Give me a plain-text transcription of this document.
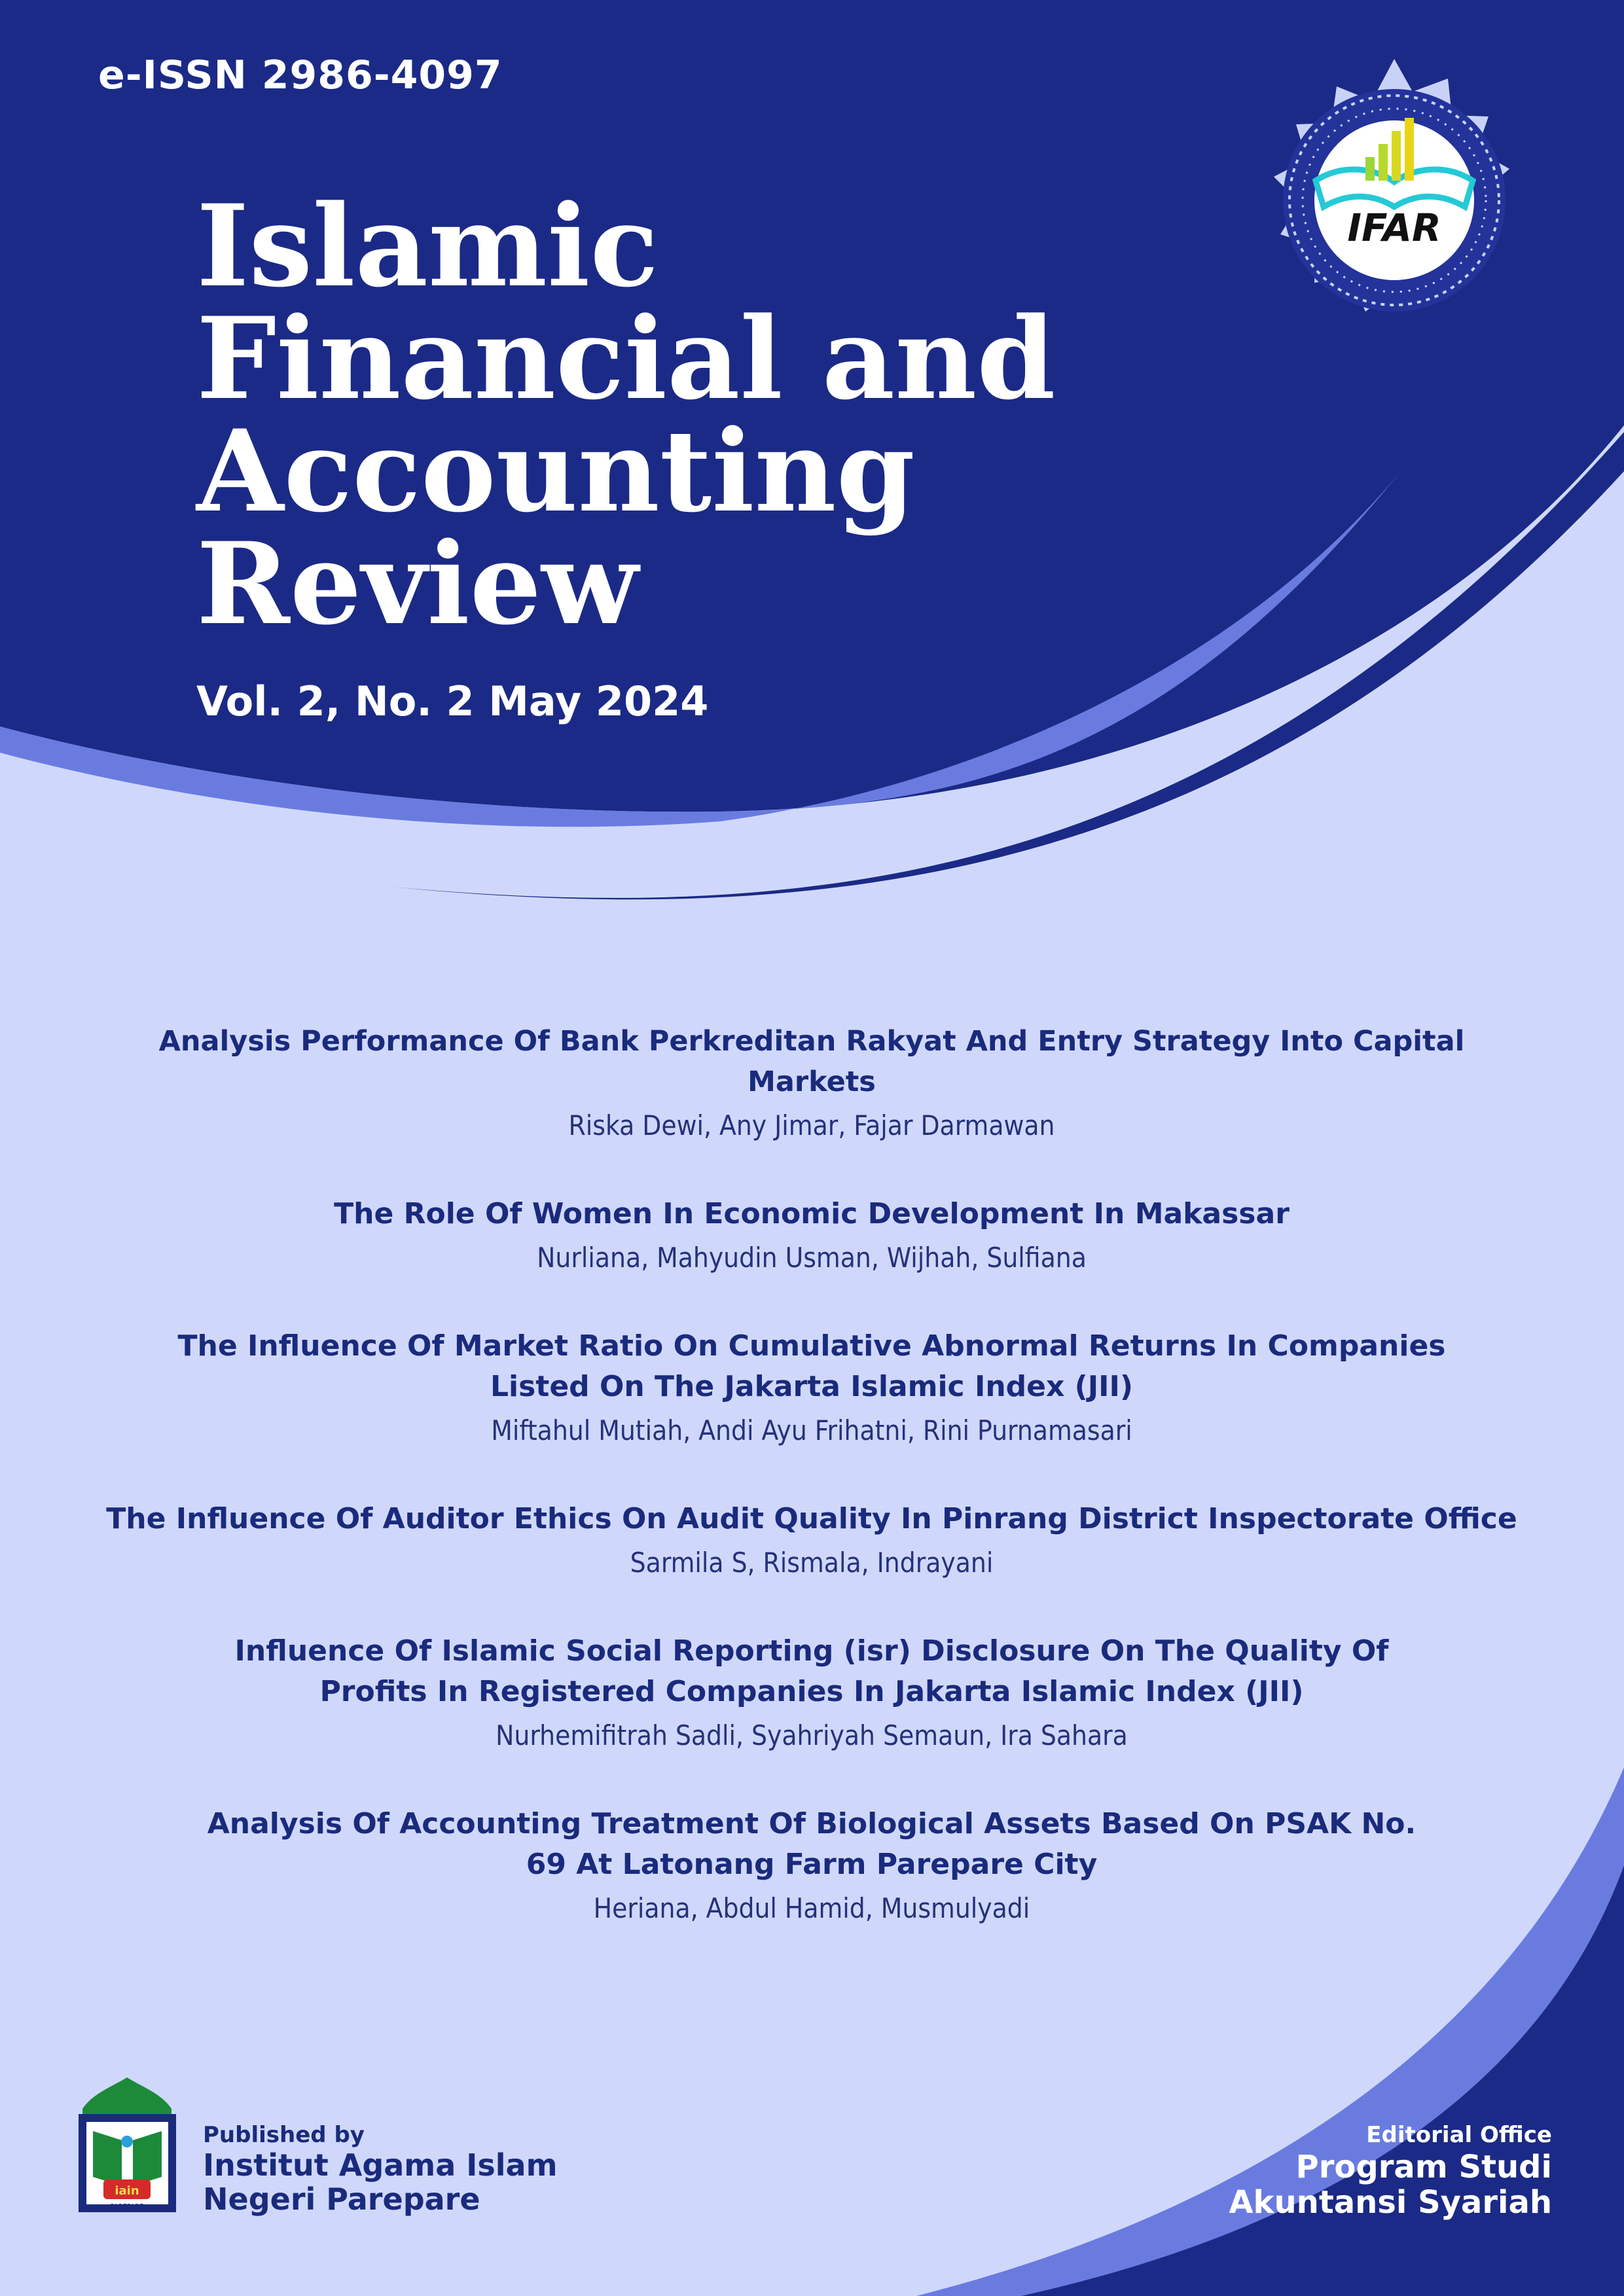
e-ISSN 2986-4097
Islamic
Financial and
Accounting
Review
Vol. 2, No. 2 May 2024
IFAR
Analysis Performance Of Bank Perkreditan Rakyat And Entry Strategy Into Capital Markets
Riska Dewi, Any Jimar, Fajar Darmawan
The Role Of Women In Economic Development In Makassar
Nurliana, Mahyudin Usman, Wijhah, Sulfiana
The Influence Of Market Ratio On Cumulative Abnormal Returns In Companies Listed On The Jakarta Islamic Index (JII)
Miftahul Mutiah, Andi Ayu Frihatni, Rini Purnamasari
The Influence Of Auditor Ethics On Audit Quality In Pinrang District Inspectorate Office
Sarmila S, Rismala, Indrayani
Influence Of Islamic Social Reporting (isr) Disclosure On The Quality Of Profits In Registered Companies In Jakarta Islamic Index (JII)
Nurhemifitrah Sadli, Syahriyah Semaun, Ira Sahara
Analysis Of Accounting Treatment Of Biological Assets Based On PSAK No. 69 At Latonang Farm Parepare City
Heriana, Abdul Hamid, Musmulyadi
iain
PAREPARE
Published by
Institut Agama Islam
Negeri Parepare
Editorial Office
Program Studi
Akuntansi Syariah
